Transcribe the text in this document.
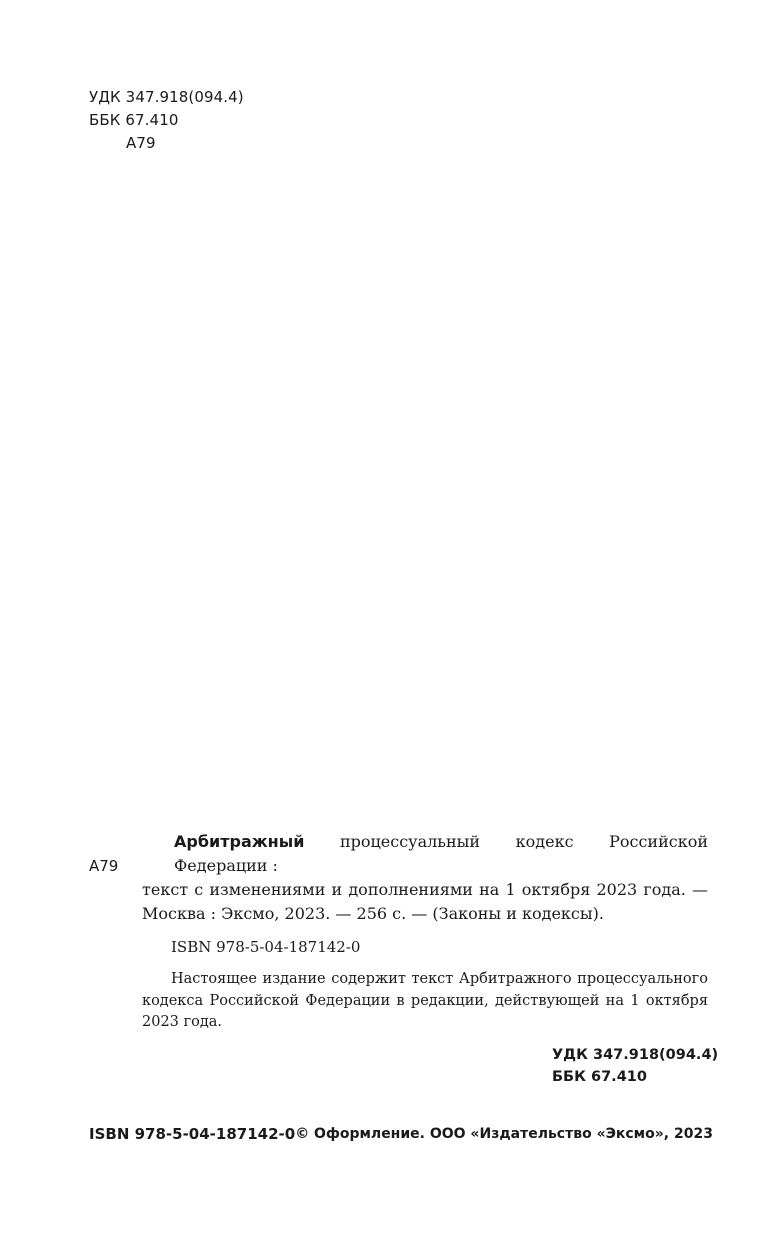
УДК 347.918(094.4)
ББК 67.410
А79
А79
Арбитражный процессуальный кодекс Российской Федерации :
текст с изменениями и дополнениями на 1 октября 2023 года. — Москва : Эксмо, 2023. — 256 с. — (Законы и кодексы).
ISBN 978-5-04-187142-0
Настоящее издание содержит текст Арбитражного процессуального кодекса Российской Федерации в редакции, действующей на 1 октября 2023 года.
УДК 347.918(094.4)
ББК 67.410
ISBN 978-5-04-187142-0 © Оформление. ООО «Издательство «Эксмо», 2023
